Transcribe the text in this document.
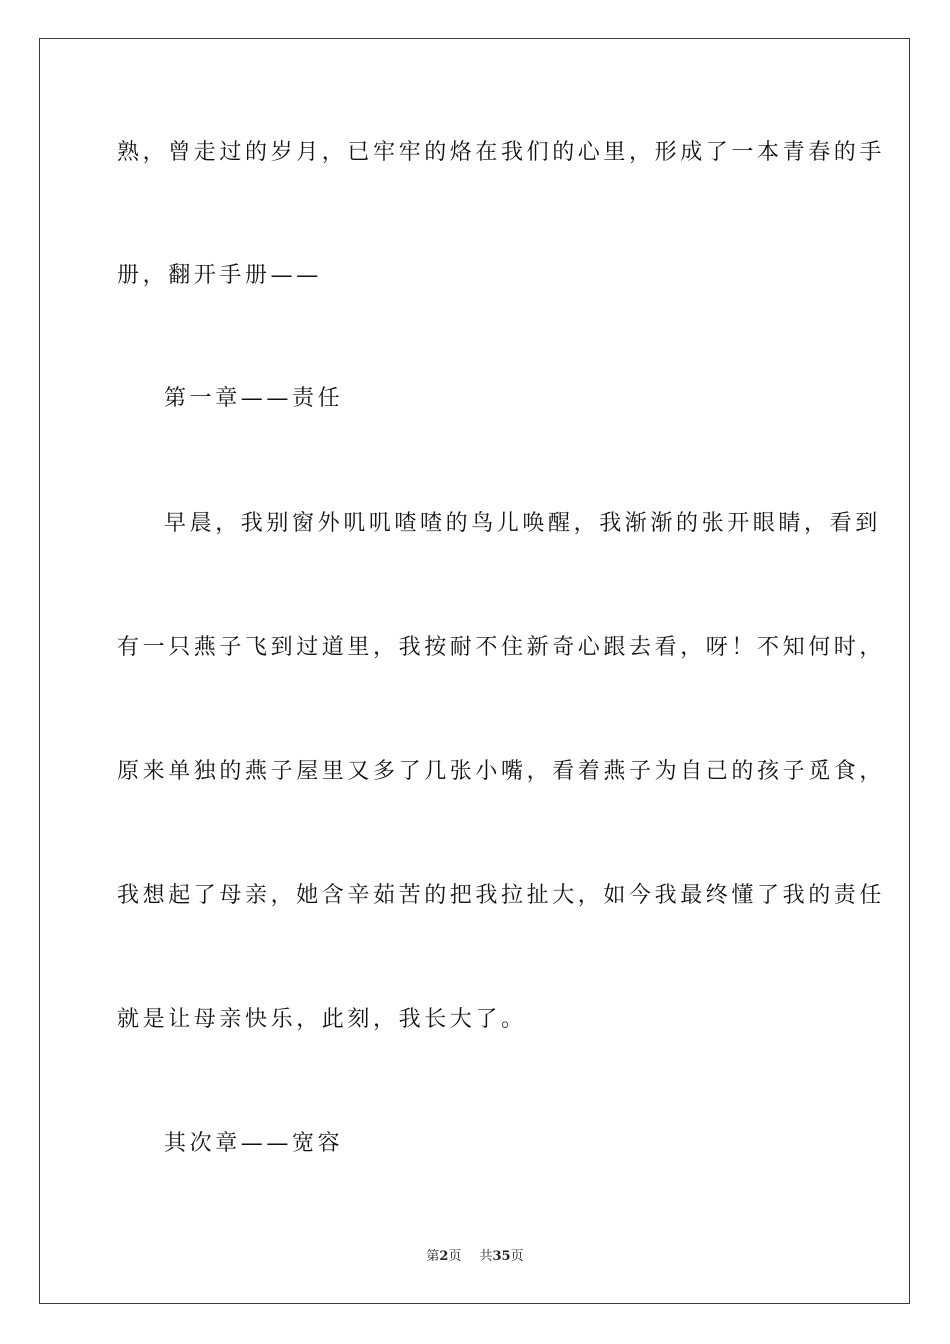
熟，曾走过的岁月，已牢牢的烙在我们的心里，形成了一本青春的手
册，翻开手册——
第一章——责任
早晨，我别窗外叽叽喳喳的鸟儿唤醒，我渐渐的张开眼睛，看到
有一只燕子飞到过道里，我按耐不住新奇心跟去看，呀！不知何时，
原来单独的燕子屋里又多了几张小嘴，看着燕子为自己的孩子觅食，
我想起了母亲，她含辛茹苦的把我拉扯大，如今我最终懂了我的责任
就是让母亲快乐，此刻，我长大了。
其次章——宽容
第2页 共35页
